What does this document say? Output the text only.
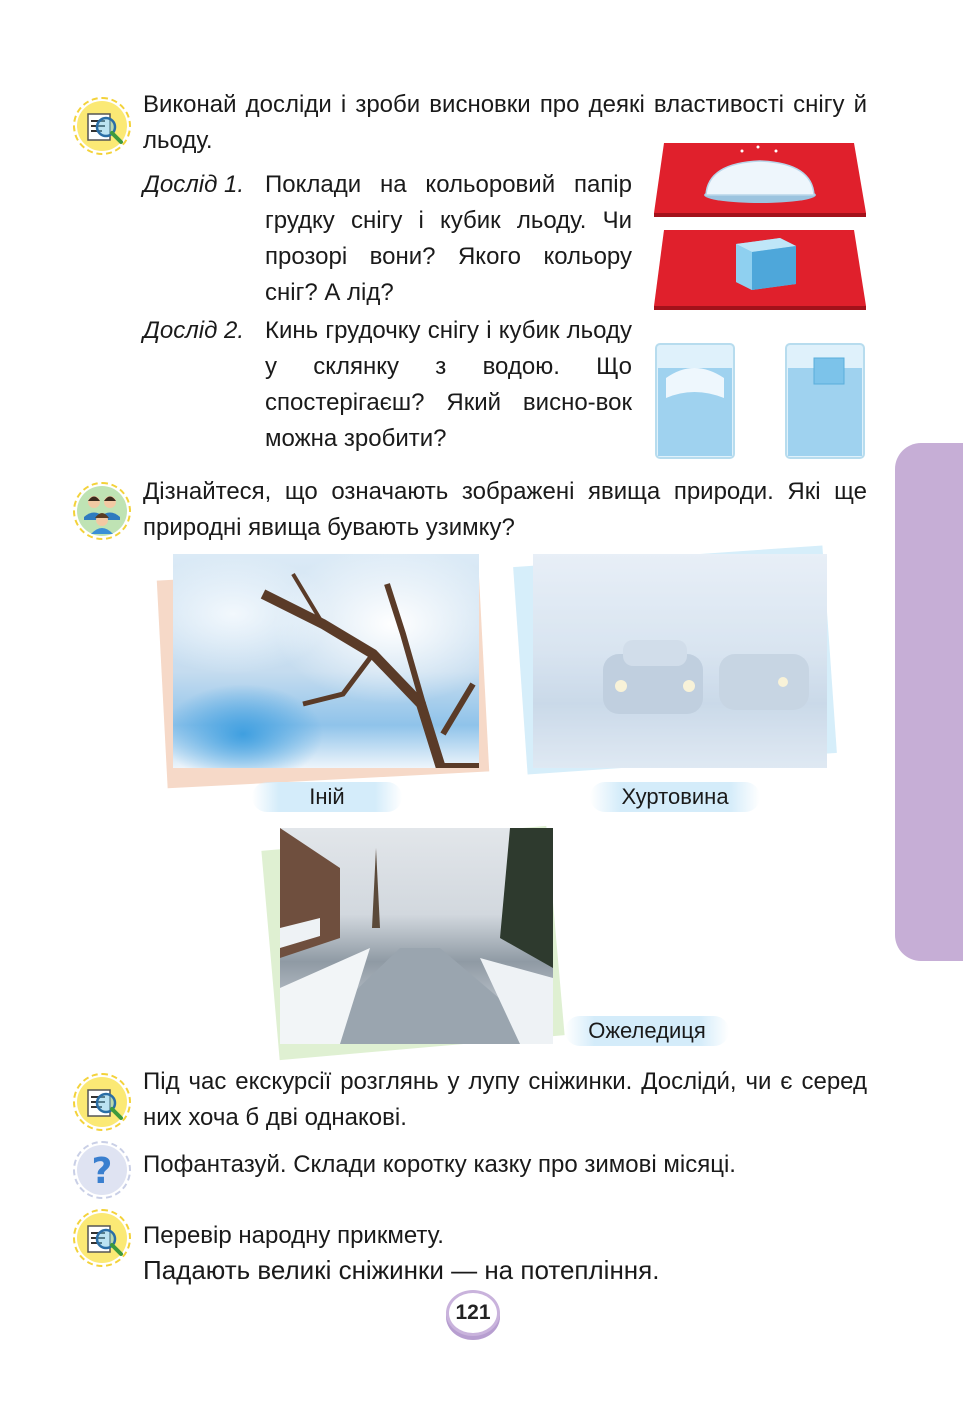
Виконай досліди і зроби висновки про деякі властивості снігу й льоду.
Дослід 1. Поклади на кольоровий папір грудку снігу і кубик льоду. Чи прозорі вони? Якого кольору сніг? А лід?
Дослід 2. Кинь грудочку снігу і кубик льоду у склянку з водою. Що спостерігаєш? Який висно-вок можна зробити?
Дізнайтеся, що означають зображені явища природи. Які ще природні явища бувають узимку?
Іній	Хуртовина
Ожеледиця
Під час екскурсії розглянь у лупу сніжинки. Досліди́, чи є серед них хоча б дві однакові.
? Пофантазуй. Склади коротку казку про зимові місяці.
Перевір народну прикмету.
Падають великі сніжинки — на потепління.
121
